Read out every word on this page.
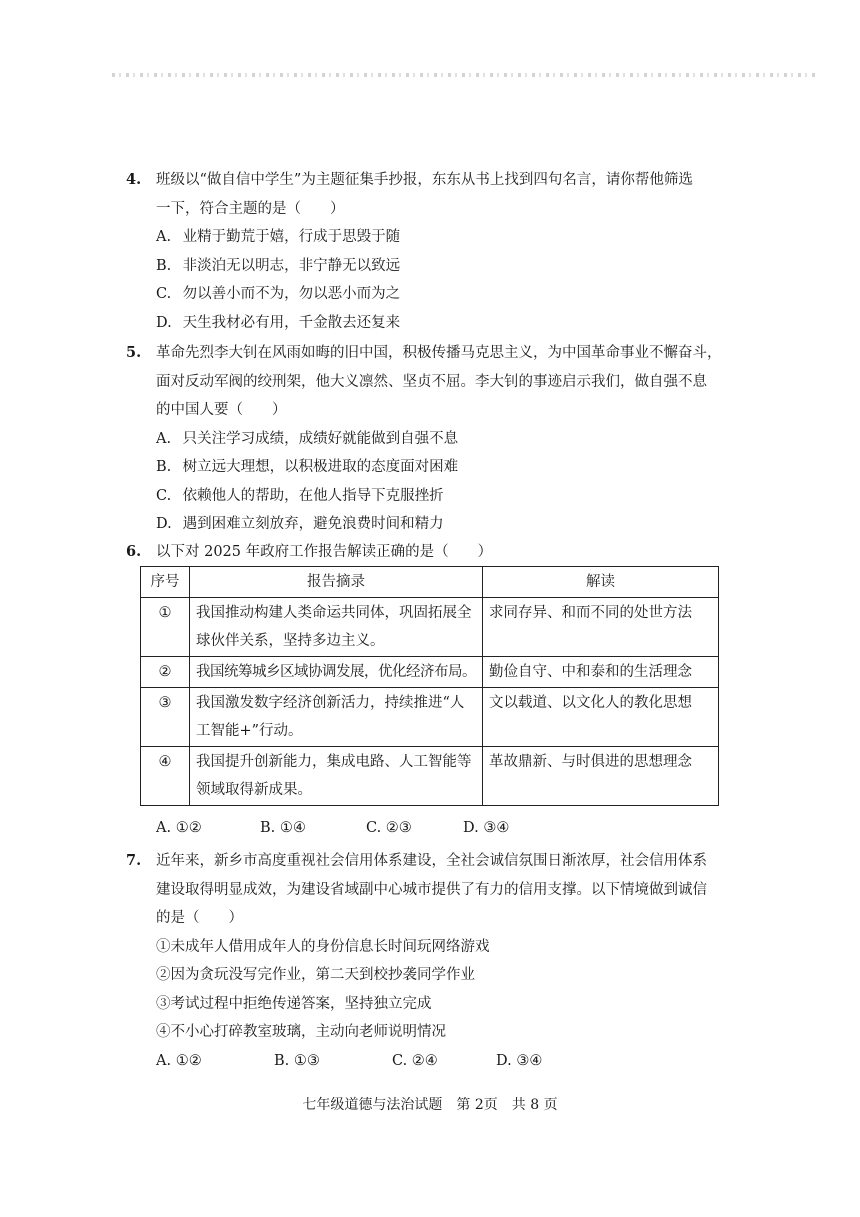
4.	班级以“做自信中学生”为主题征集手抄报，东东从书上找到四句名言，请你帮他筛选
一下，符合主题的是（　　）
A. 业精于勤荒于嬉，行成于思毁于随
B. 非淡泊无以明志，非宁静无以致远
C. 勿以善小而不为，勿以恶小而为之
D. 天生我材必有用，千金散去还复来
5.	革命先烈李大钊在风雨如晦的旧中国，积极传播马克思主义，为中国革命事业不懈奋斗，
面对反动军阀的绞刑架，他大义凛然、坚贞不屈。李大钊的事迹启示我们，做自强不息
的中国人要（　　）
A. 只关注学习成绩，成绩好就能做到自强不息
B. 树立远大理想，以积极进取的态度面对困难
C. 依赖他人的帮助，在他人指导下克服挫折
D. 遇到困难立刻放弃，避免浪费时间和精力
6.	以下对 2025 年政府工作报告解读正确的是（　　）
序号	报告摘录	解读
①	我国推动构建人类命运共同体，巩固拓展全
球伙伴关系，坚持多边主义。	求同存异、和而不同的处世方法
②	我国统筹城乡区域协调发展，优化经济布局。	勤俭自守、中和泰和的生活理念
③	我国激发数字经济创新活力，持续推进“人
工智能+”行动。	文以载道、以文化人的教化思想
④	我国提升创新能力，集成电路、人工智能等
领域取得新成果。	革故鼎新、与时俱进的思想理念
A. ①②	B. ①④	C. ②③	D. ③④
7.	近年来，新乡市高度重视社会信用体系建设，全社会诚信氛围日渐浓厚，社会信用体系
建设取得明显成效，为建设省域副中心城市提供了有力的信用支撑。以下情境做到诚信
的是（　　）
①未成年人借用成年人的身份信息长时间玩网络游戏
②因为贪玩没写完作业，第二天到校抄袭同学作业
③考试过程中拒绝传递答案，坚持独立完成
④不小心打碎教室玻璃，主动向老师说明情况
A. ①②	B. ①③	C. ②④	D. ③④
七年级道德与法治试题　第 2页　共 8 页
